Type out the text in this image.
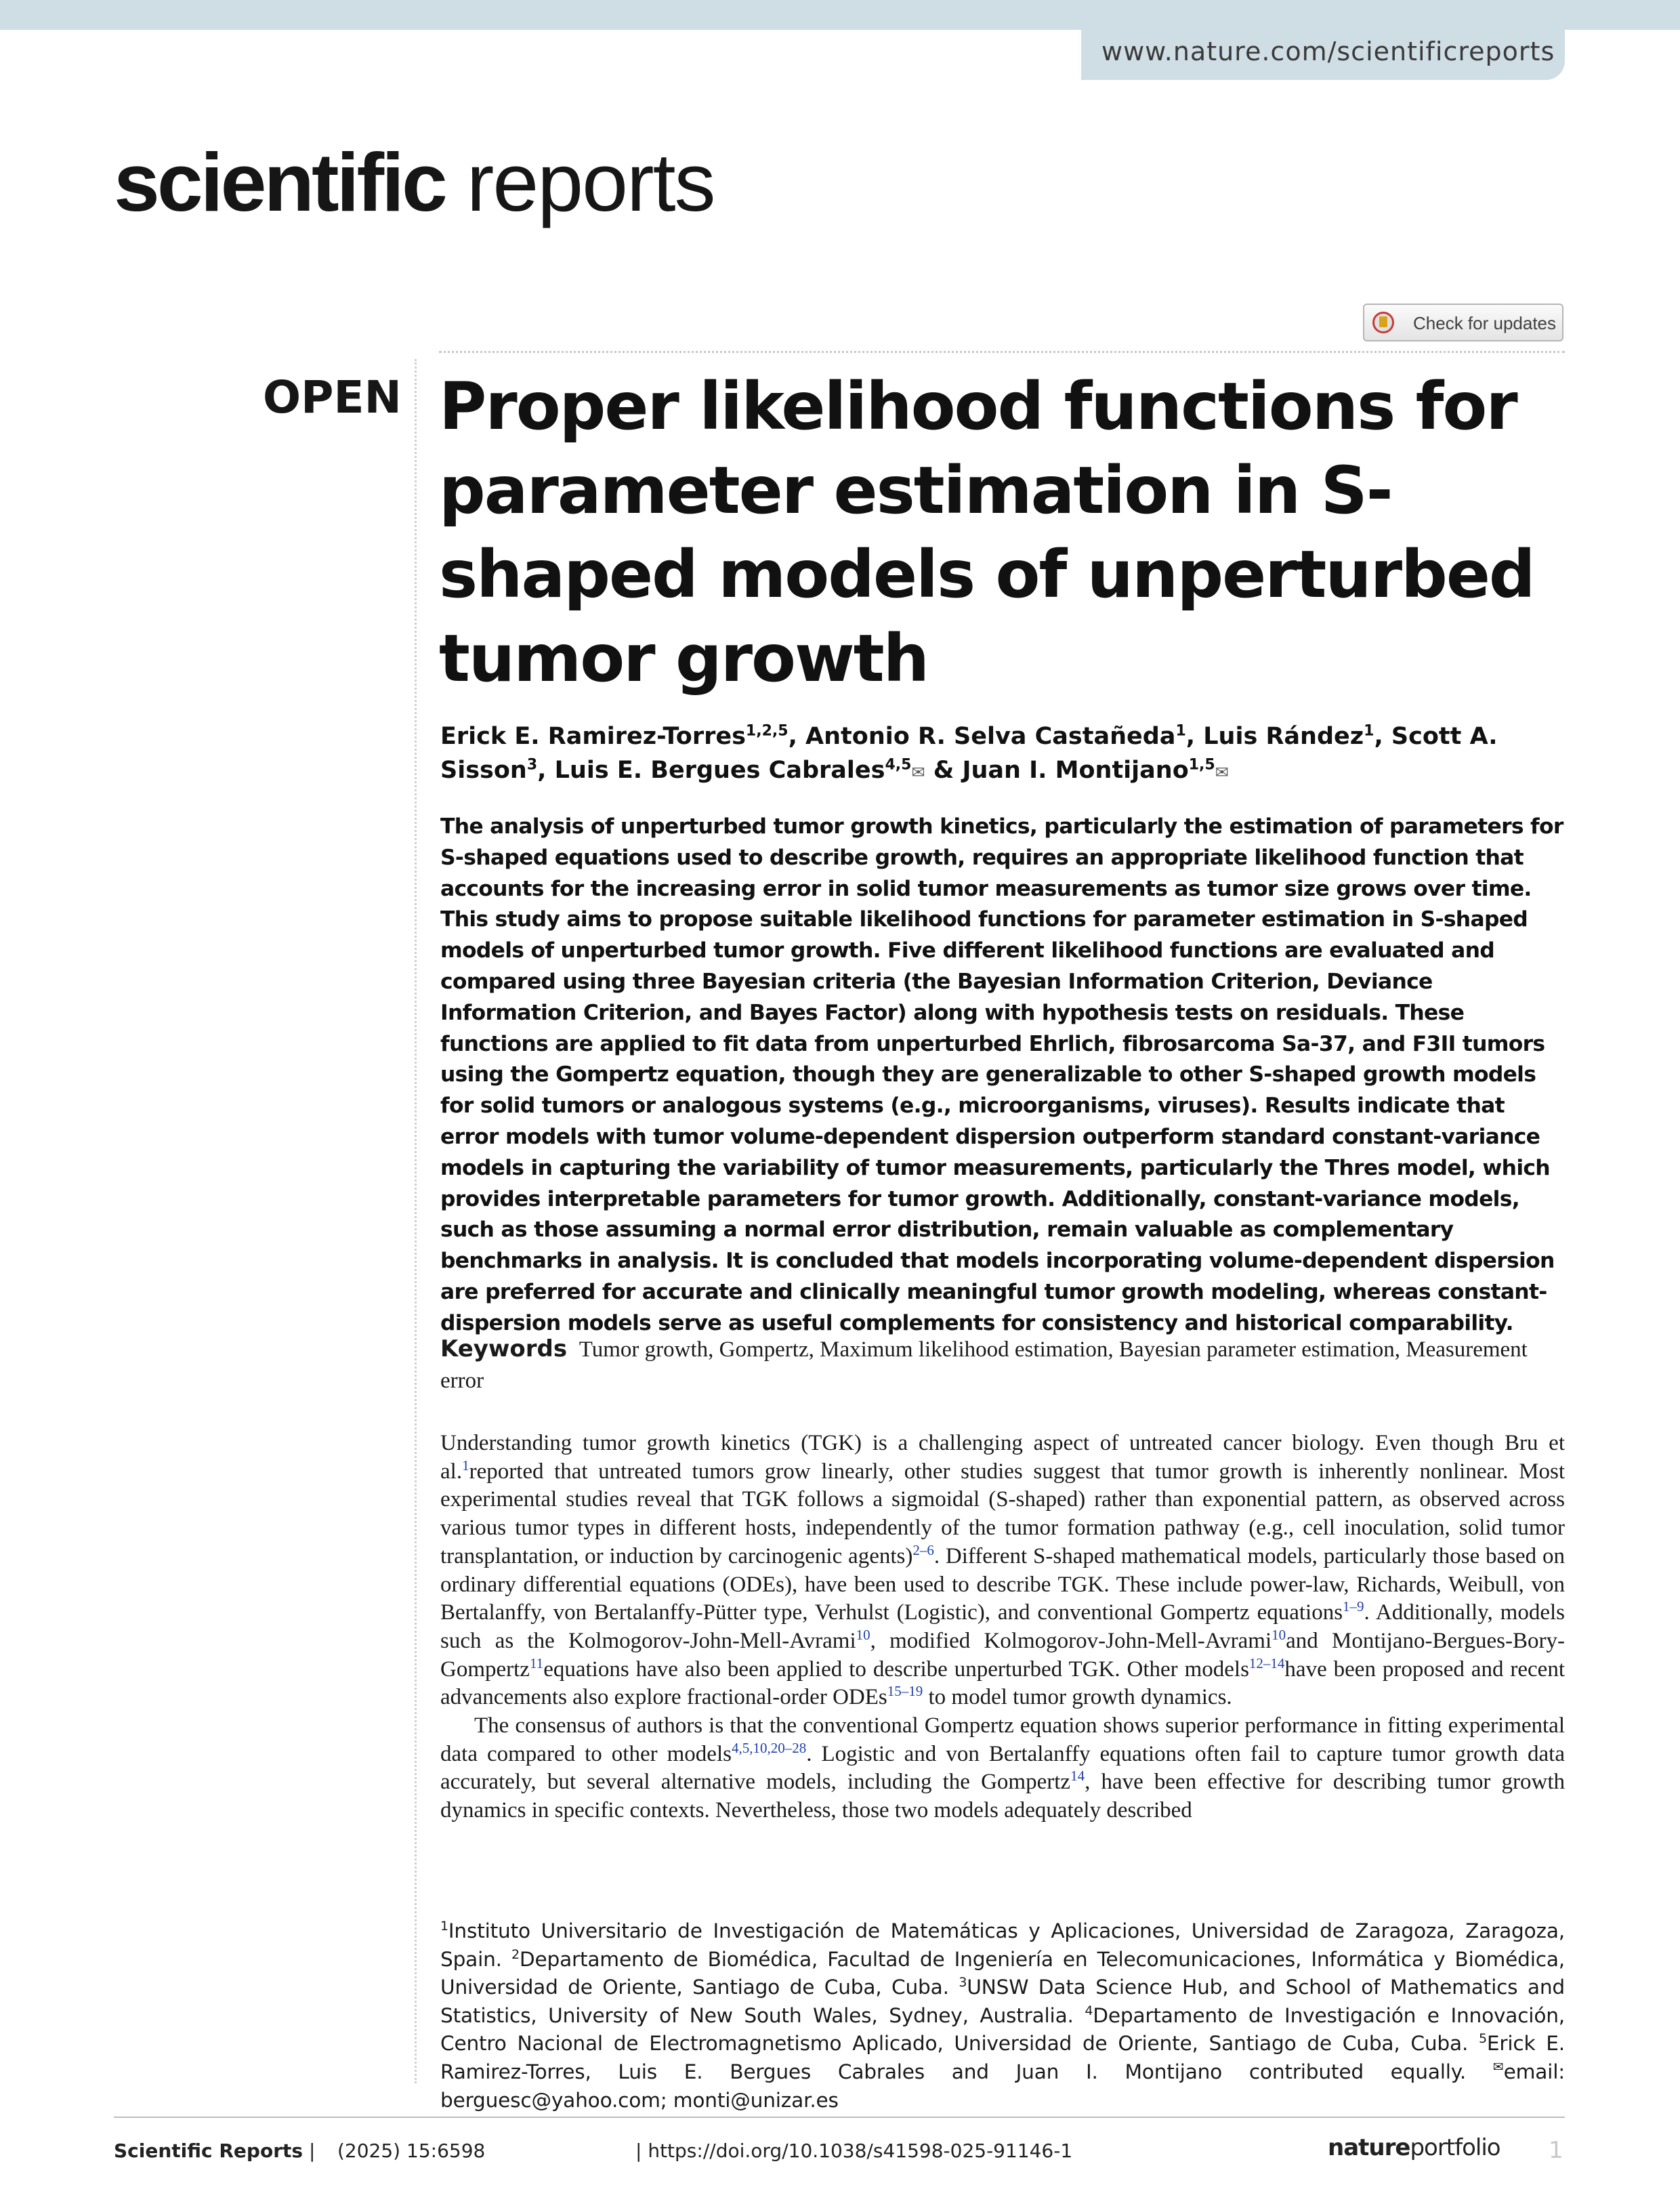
www.nature.com/scientificreports
scientific reports
Check for updates
OPEN Proper likelihood functions for parameter estimation in S-shaped models of unperturbed tumor growth
Erick E. Ramirez-Torres$^{1,2,5}$, Antonio R. Selva Castañeda$^1$, Luis Rández$^1$, Scott A. Sisson$^3$, Luis E. Bergues Cabrales$^{4,5}$✉ & Juan I. Montijano$^{1,5}$✉

The analysis of unperturbed tumor growth kinetics, particularly the estimation of parameters for S-shaped equations used to describe growth, requires an appropriate likelihood function that accounts for the increasing error in solid tumor measurements as tumor size grows over time. This study aims to propose suitable likelihood functions for parameter estimation in S-shaped models of unperturbed tumor growth. Five different likelihood functions are evaluated and compared using three Bayesian criteria (the Bayesian Information Criterion, Deviance Information Criterion, and Bayes Factor) along with hypothesis tests on residuals. These functions are applied to fit data from unperturbed Ehrlich, fibrosarcoma Sa-37, and F3II tumors using the Gompertz equation, though they are generalizable to other S-shaped growth models for solid tumors or analogous systems (e.g., microorganisms, viruses). Results indicate that error models with tumor volume-dependent dispersion outperform standard constant-variance models in capturing the variability of tumor measurements, particularly the Thres model, which provides interpretable parameters for tumor growth. Additionally, constant-variance models, such as those assuming a normal error distribution, remain valuable as complementary benchmarks in analysis. It is concluded that models incorporating volume-dependent dispersion are preferred for accurate and clinically meaningful tumor growth modeling, whereas constant-dispersion models serve as useful complements for consistency and historical comparability.

Keywords Tumor growth, Gompertz, Maximum likelihood estimation, Bayesian parameter estimation, Measurement error

Understanding tumor growth kinetics (TGK) is a challenging aspect of untreated cancer biology. Even though Bru et al.$^1$reported that untreated tumors grow linearly, other studies suggest that tumor growth is inherently nonlinear. Most experimental studies reveal that TGK follows a sigmoidal (S-shaped) rather than exponential pattern, as observed across various tumor types in different hosts, independently of the tumor formation pathway (e.g., cell inoculation, solid tumor transplantation, or induction by carcinogenic agents)$^{2-6}$. Different S-shaped mathematical models, particularly those based on ordinary differential equations (ODEs), have been used to describe TGK. These include power-law, Richards, Weibull, von Bertalanffy, von Bertalanffy-Pütter type, Verhulst (Logistic), and conventional Gompertz equations$^{1-9}$. Additionally, models such as the Kolmogorov-John-Mell-Avrami$^{10}$, modified Kolmogorov-John-Mell-Avrami$^{10}$and Montijano-Bergues-Bory-Gompertz$^{11}$equations have also been applied to describe unperturbed TGK. Other models$^{12-14}$have been proposed and recent advancements also explore fractional-order ODEs$^{15-19}$ to model tumor growth dynamics.

The consensus of authors is that the conventional Gompertz equation shows superior performance in fitting experimental data compared to other models$^{4,5,10,20-28}$. Logistic and von Bertalanffy equations often fail to capture tumor growth data accurately, but several alternative models, including the Gompertz$^{14}$, have been effective for describing tumor growth dynamics in specific contexts. Nevertheless, those two models adequately described

$^1$Instituto Universitario de Investigación de Matemáticas y Aplicaciones, Universidad de Zaragoza, Zaragoza, Spain. $^2$Departamento de Biomédica, Facultad de Ingeniería en Telecomunicaciones, Informática y Biomédica, Universidad de Oriente, Santiago de Cuba, Cuba. $^3$UNSW Data Science Hub, and School of Mathematics and Statistics, University of New South Wales, Sydney, Australia. $^4$Departamento de Investigación e Innovación, Centro Nacional de Electromagnetismo Aplicado, Universidad de Oriente, Santiago de Cuba, Cuba. $^5$Erick E. Ramirez-Torres, Luis E. Bergues Cabrales and Juan I. Montijano contributed equally. ✉email: berguesc@yahoo.com; monti@unizar.es
Scientific Reports | (2025) 15:6598	| https://doi.org/10.1038/s41598-025-91146-1	natureportfolio 1
